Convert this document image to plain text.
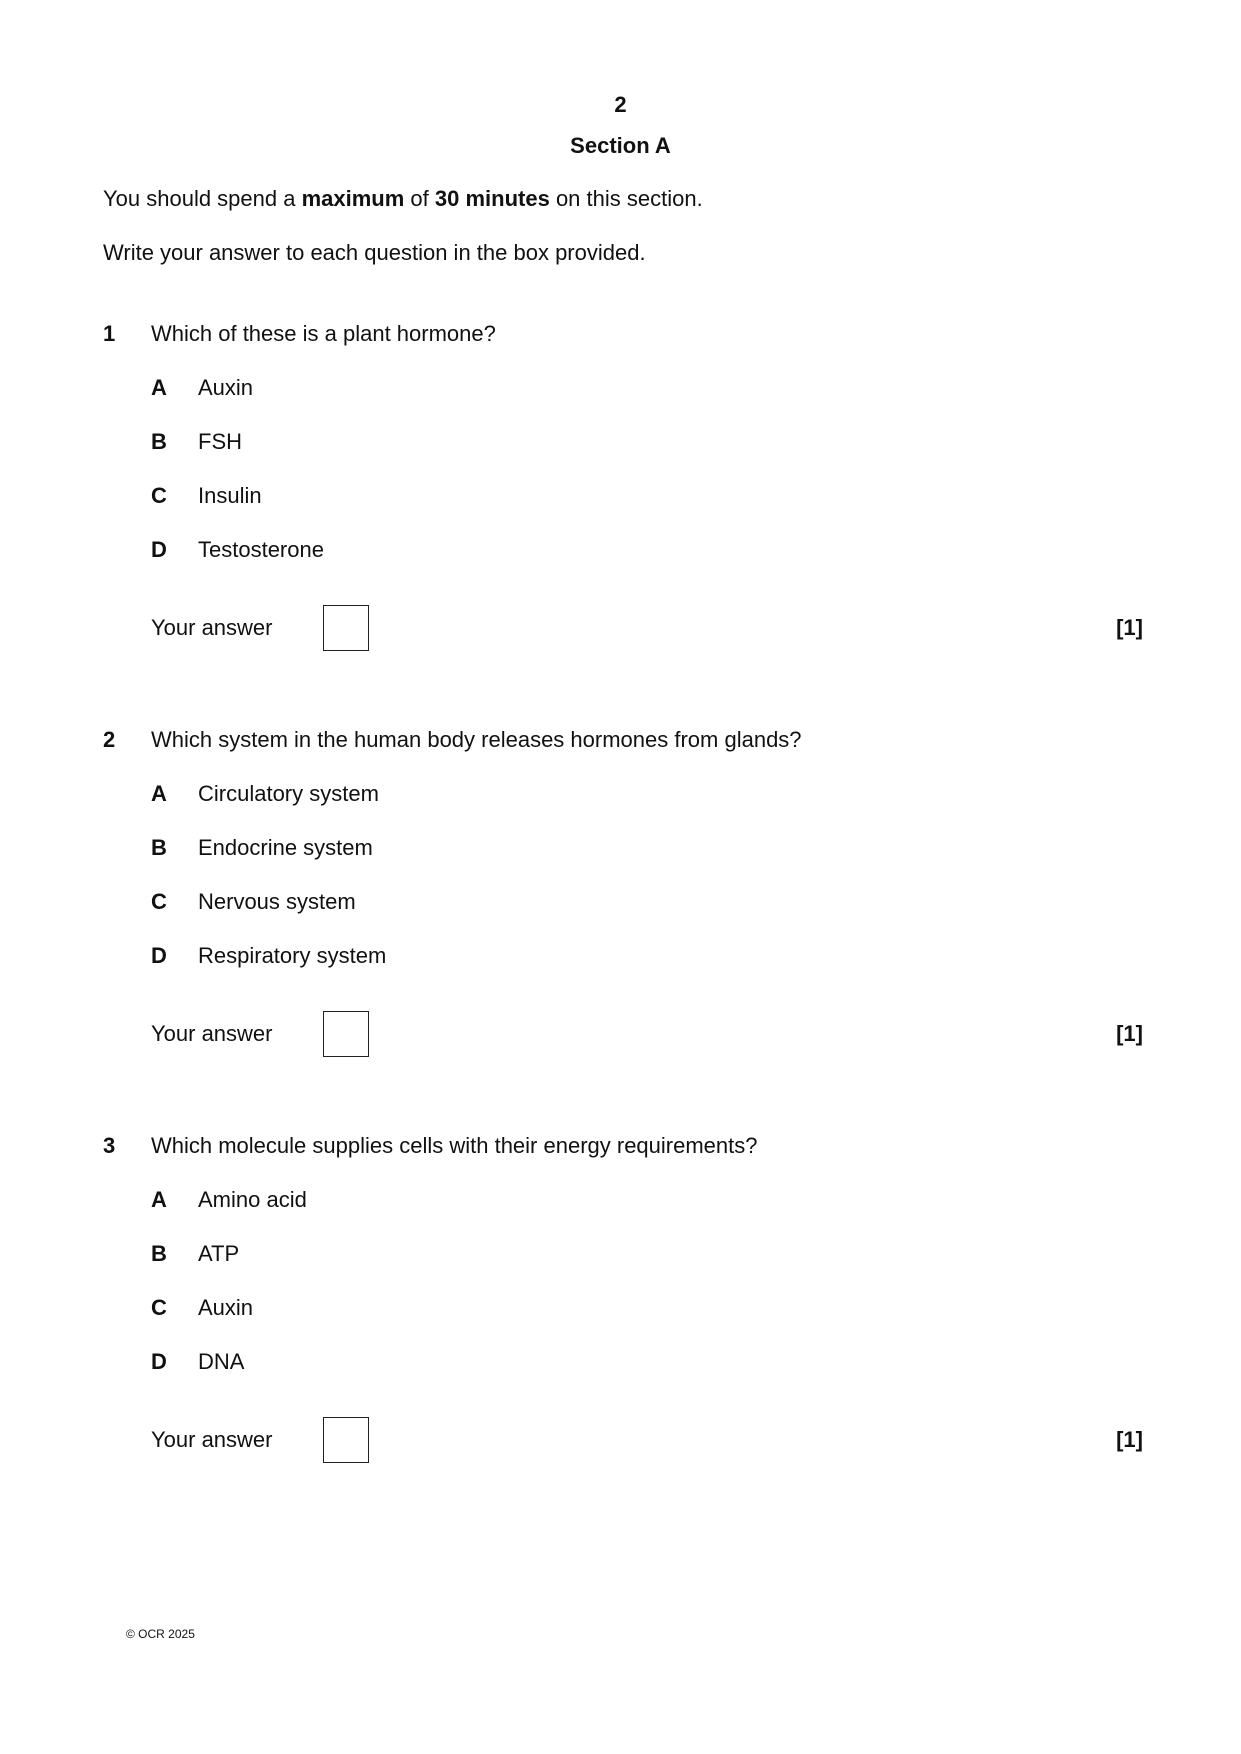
2
Section A
You should spend a maximum of 30 minutes on this section.
Write your answer to each question in the box provided.
1 Which of these is a plant hormone?
A Auxin
B FSH
C Insulin
D Testosterone
Your answer	[1]
2 Which system in the human body releases hormones from glands?
A Circulatory system
B Endocrine system
C Nervous system
D Respiratory system
Your answer	[1]
3 Which molecule supplies cells with their energy requirements?
A Amino acid
B ATP
C Auxin
D DNA
Your answer	[1]
© OCR 2025
